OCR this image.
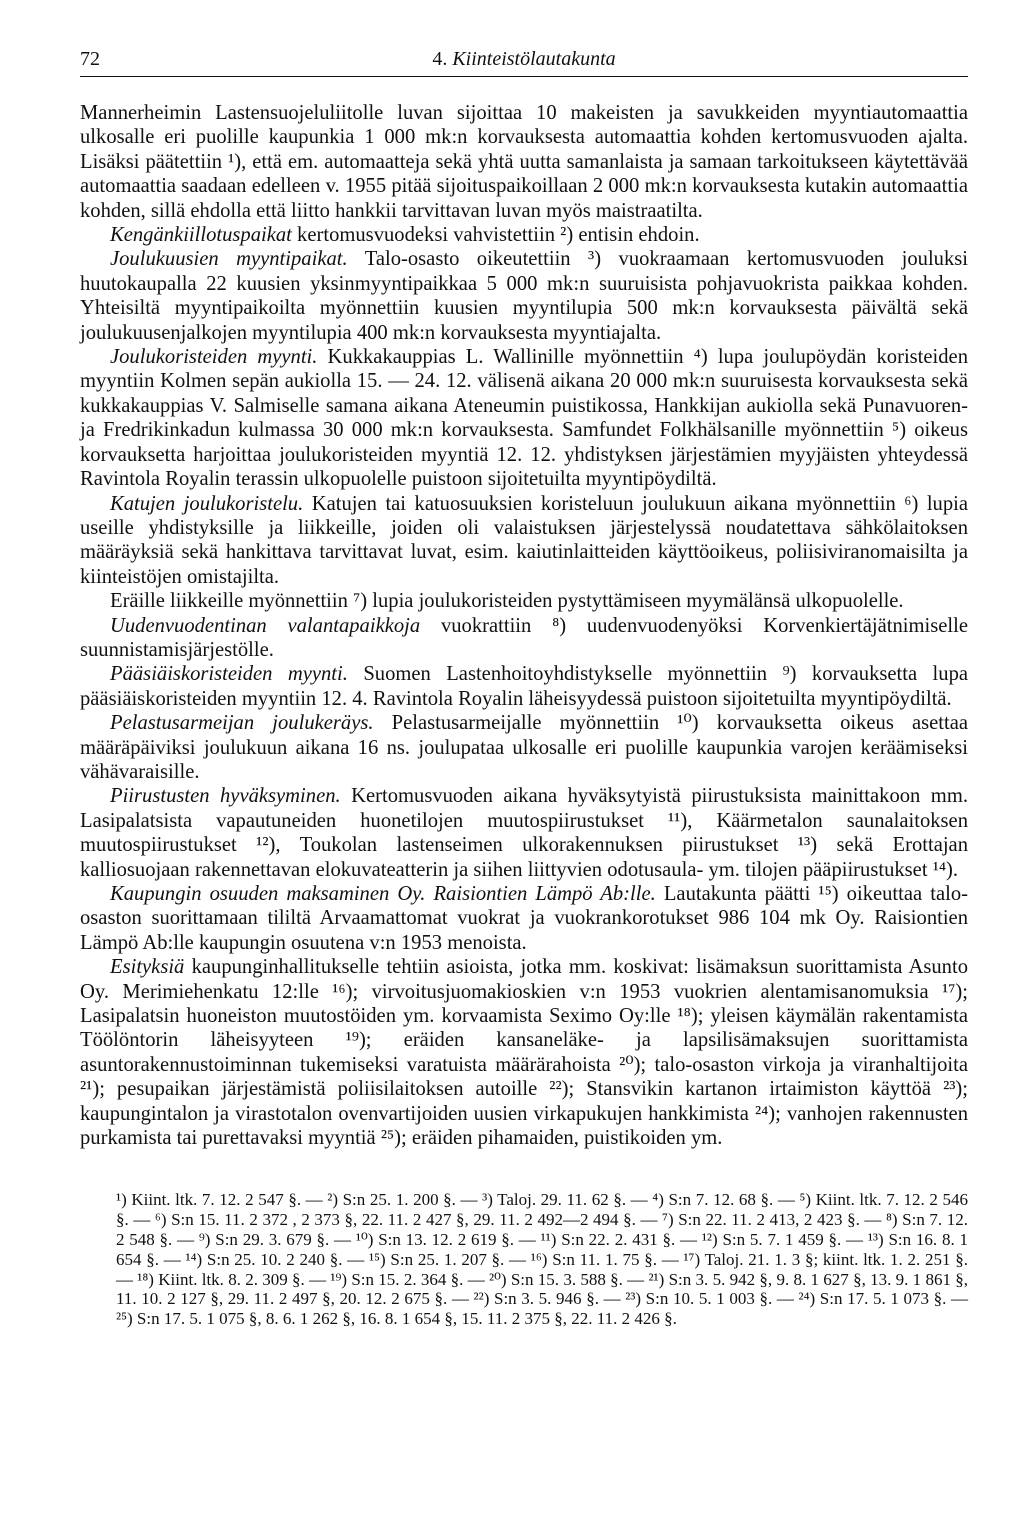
72	4. Kiinteistölautakunta

Mannerheimin Lastensuojeluliitolle luvan sijoittaa 10 makeisten ja savukkeiden myyntiautomaattia ulkosalle eri puolille kaupunkia 1 000 mk:n korvauksesta automaattia kohden kertomusvuoden ajalta. Lisäksi päätettiin ¹), että em. automaatteja sekä yhtä uutta samanlaista ja samaan tarkoitukseen käytettävää automaattia saadaan edelleen v. 1955 pitää sijoituspaikoillaan 2 000 mk:n korvauksesta kutakin automaattia kohden, sillä ehdolla että liitto hankkii tarvittavan luvan myös maistraatilta.

Kengänkiillotuspaikat kertomusvuodeksi vahvistettiin ²) entisin ehdoin.

Joulukuusien myyntipaikat. Talo-osasto oikeutettiin ³) vuokraamaan kertomusvuoden jouluksi huutokaupalla 22 kuusien yksinmyyntipaikkaa 5 000 mk:n suuruisista pohjavuokrista paikkaa kohden. Yhteisiltä myyntipaikoilta myönnettiin kuusien myyntilupia 500 mk:n korvauksesta päivältä sekä joulukuusenjalkojen myyntilupia 400 mk:n korvauksesta myyntiajalta.

Joulukoristeiden myynti. Kukkakauppias L. Wallinille myönnettiin ⁴) lupa joulupöydän koristeiden myyntiin Kolmen sepän aukiolla 15. — 24. 12. välisenä aikana 20 000 mk:n suuruisesta korvauksesta sekä kukkakauppias V. Salmiselle samana aikana Ateneumin puistikossa, Hankkijan aukiolla sekä Punavuoren- ja Fredrikinkadun kulmassa 30 000 mk:n korvauksesta. Samfundet Folkhälsanille myönnettiin ⁵) oikeus korvauksetta harjoittaa joulukoristeiden myyntiä 12. 12. yhdistyksen järjestämien myyjäisten yhteydessä Ravintola Royalin terassin ulkopuolelle puistoon sijoitetuilta myyntipöydiltä.

Katujen joulukoristelu. Katujen tai katuosuuksien koristeluun joulukuun aikana myönnettiin ⁶) lupia useille yhdistyksille ja liikkeille, joiden oli valaistuksen järjestelyssä noudatettava sähkölaitoksen määräyksiä sekä hankittava tarvittavat luvat, esim. kaiutinlaitteiden käyttöoikeus, poliisiviranomaisilta ja kiinteistöjen omistajilta.

Eräille liikkeille myönnettiin ⁷) lupia joulukoristeiden pystyttämiseen myymälänsä ulkopuolelle.

Uudenvuodentinan valantapaikkoja vuokrattiin ⁸) uudenvuodenyöksi Korvenkiertäjätnimiselle suunnistamisjärjestölle.

Pääsiäiskoristeiden myynti. Suomen Lastenhoitoyhdistykselle myönnettiin ⁹) korvauksetta lupa pääsiäiskoristeiden myyntiin 12. 4. Ravintola Royalin läheisyydessä puistoon sijoitetuilta myyntipöydiltä.

Pelastusarmeijan joulukeräys. Pelastusarmeijalle myönnettiin ¹⁰) korvauksetta oikeus asettaa määräpäiviksi joulukuun aikana 16 ns. joulupataa ulkosalle eri puolille kaupunkia varojen keräämiseksi vähävaraisille.

Piirustusten hyväksyminen. Kertomusvuoden aikana hyväksytyistä piirustuksista mainittakoon mm. Lasipalatsista vapautuneiden huonetilojen muutospiirustukset ¹¹), Käärmetalon saunalaitoksen muutospiirustukset ¹²), Toukolan lastenseimen ulkorakennuksen piirustukset ¹³) sekä Erottajan kalliosuojaan rakennettavan elokuvateatterin ja siihen liittyvien odotusaula- ym. tilojen pääpiirustukset ¹⁴).

Kaupungin osuuden maksaminen Oy. Raisiontien Lämpö Ab:lle. Lautakunta päätti ¹⁵) oikeuttaa talo-osaston suorittamaan tililtä Arvaamattomat vuokrat ja vuokrankorotukset 986 104 mk Oy. Raisiontien Lämpö Ab:lle kaupungin osuutena v:n 1953 menoista.

Esityksiä kaupunginhallitukselle tehtiin asioista, jotka mm. koskivat: lisämaksun suorittamista Asunto Oy. Merimiehenkatu 12:lle ¹⁶); virvoitusjuomakioskien v:n 1953 vuokrien alentamisanomuksia ¹⁷); Lasipalatsin huoneiston muutostöiden ym. korvaamista Seximo Oy:lle ¹⁸); yleisen käymälän rakentamista Töölöntorin läheisyyteen ¹⁹); eräiden kansaneläke- ja lapsilisämaksujen suorittamista asuntorakennustoiminnan tukemiseksi varatuista määrärahoista ²⁰); talo-osaston virkoja ja viranhaltijoita ²¹); pesupaikan järjestämistä poliisilaitoksen autoille ²²); Stansvikin kartanon irtaimiston käyttöä ²³); kaupungintalon ja virastotalon ovenvartijoiden uusien virkapukujen hankkimista ²⁴); vanhojen rakennusten purkamista tai purettavaksi myyntiä ²⁵); eräiden pihamaiden, puistikoiden ym.

¹) Kiint. ltk. 7. 12. 2 547 §. — ²) S:n 25. 1. 200 §. — ³) Taloj. 29. 11. 62 §. — ⁴) S:n 7. 12. 68 §. — ⁵) Kiint. ltk. 7. 12. 2 546 §. — ⁶) S:n 15. 11. 2 372 , 2 373 §, 22. 11. 2 427 §, 29. 11. 2 492—2 494 §. — ⁷) S:n 22. 11. 2 413, 2 423 §. — ⁸) S:n 7. 12. 2 548 §. — ⁹) S:n 29. 3. 679 §. — ¹⁰) S:n 13. 12. 2 619 §. — ¹¹) S:n 22. 2. 431 §. — ¹²) S:n 5. 7. 1 459 §. — ¹³) S:n 16. 8. 1 654 §. — ¹⁴) S:n 25. 10. 2 240 §. — ¹⁵) S:n 25. 1. 207 §. — ¹⁶) S:n 11. 1. 75 §. — ¹⁷) Taloj. 21. 1. 3 §; kiint. ltk. 1. 2. 251 §. — ¹⁸) Kiint. ltk. 8. 2. 309 §. — ¹⁹) S:n 15. 2. 364 §. — ²⁰) S:n 15. 3. 588 §. — ²¹) S:n 3. 5. 942 §, 9. 8. 1 627 §, 13. 9. 1 861 §, 11. 10. 2 127 §, 29. 11. 2 497 §, 20. 12. 2 675 §. — ²²) S:n 3. 5. 946 §. — ²³) S:n 10. 5. 1 003 §. — ²⁴) S:n 17. 5. 1 073 §. — ²⁵) S:n 17. 5. 1 075 §, 8. 6. 1 262 §, 16. 8. 1 654 §, 15. 11. 2 375 §, 22. 11. 2 426 §.
